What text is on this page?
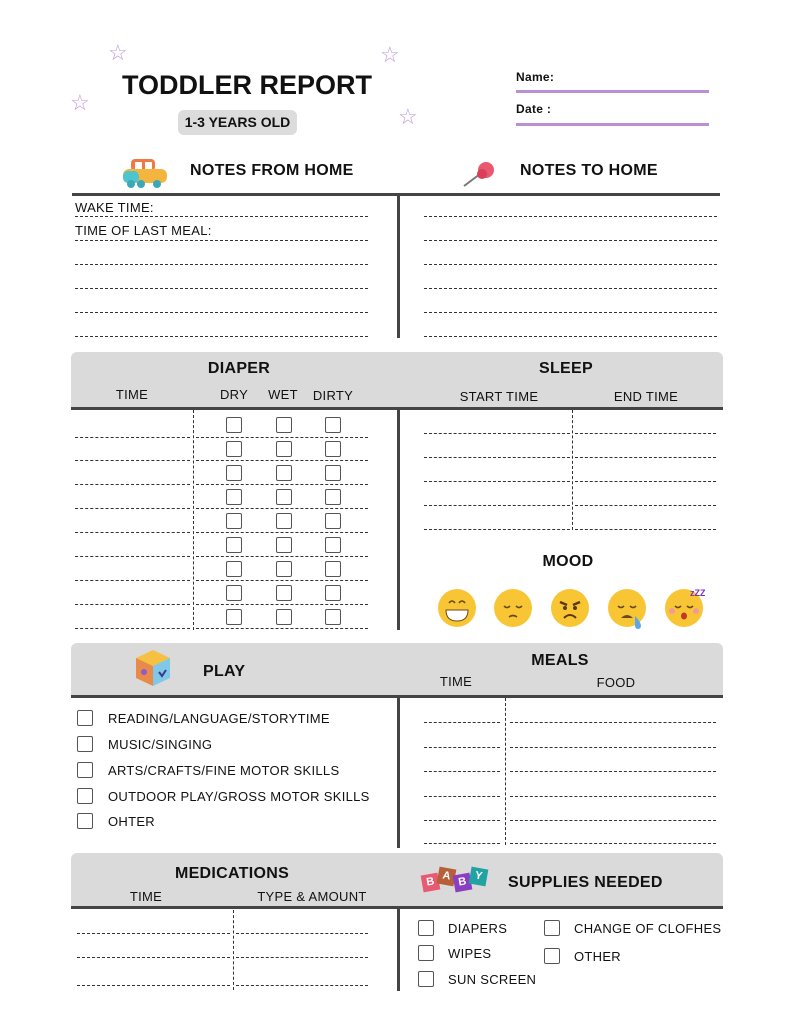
☆	☆
☆
☆
TODDLER REPORT
1-3 YEARS OLD
Name:
Date :
NOTES FROM HOME	NOTES TO HOME
WAKE TIME:
TIME OF LAST MEAL:
DIAPER
TIME	DRY WET DIRTY
SLEEP
START TIME	END TIME
MOOD
zZZ
PLAY
MEALS
TIME	FOOD
READING/LANGUAGE/STORYTIME
MUSIC/SINGING
ARTS/CRAFTS/FINE MOTOR SKILLS
OUTDOOR PLAY/GROSS MOTOR SKILLS
OHTER
MEDICATIONS
TIME	TYPE & AMOUNT
B A B Y	SUPPLIES NEEDED
DIAPERS
WIPES
SUN SCREEN
CHANGE OF CLOFHES
OTHER
